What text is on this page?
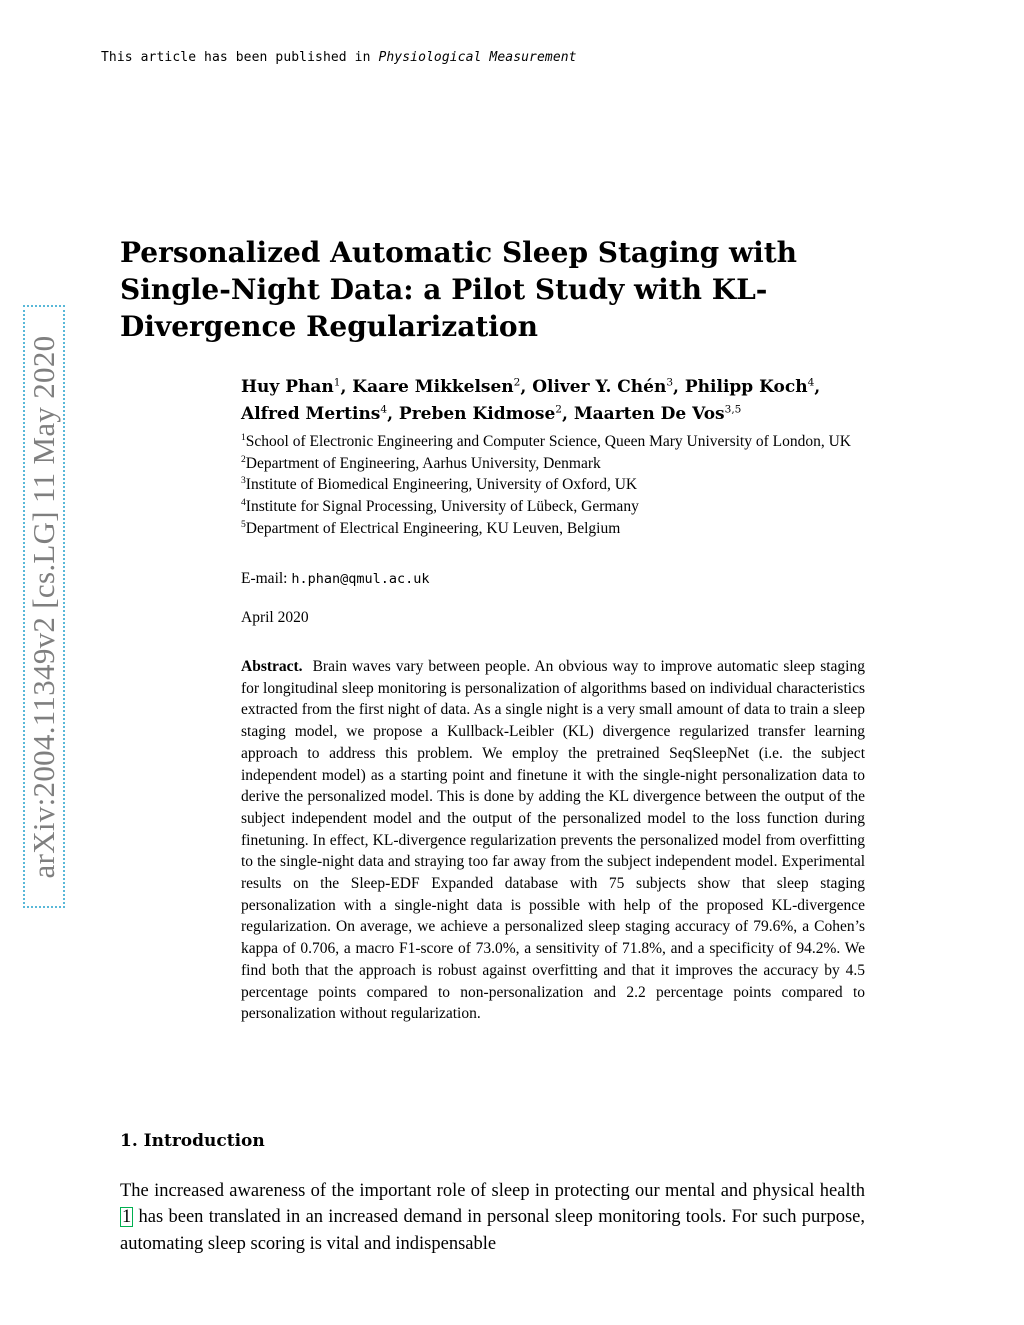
This article has been published in Physiological Measurement
arXiv:2004.11349v2 [cs.LG] 11 May 2020
Personalized Automatic Sleep Staging with Single-Night Data: a Pilot Study with KL-Divergence Regularization
Huy Phan$^1$, Kaare Mikkelsen$^2$, Oliver Y. Chén$^3$, Philipp Koch$^4$,
Alfred Mertins$^4$, Preben Kidmose$^2$, Maarten De Vos$^{3,5}$

$^1$School of Electronic Engineering and Computer Science, Queen Mary University of London, UK

$^2$Department of Engineering, Aarhus University, Denmark

$^3$Institute of Biomedical Engineering, University of Oxford, UK

$^4$Institute for Signal Processing, University of Lübeck, Germany

$^5$Department of Electrical Engineering, KU Leuven, Belgium

E-mail: h.phan@qmul.ac.uk
April 2020

Abstract. Brain waves vary between people. An obvious way to improve automatic sleep staging for longitudinal sleep monitoring is personalization of algorithms based on individual characteristics extracted from the first night of data. As a single night is a very small amount of data to train a sleep staging model, we propose a Kullback-Leibler (KL) divergence regularized transfer learning approach to address this problem. We employ the pretrained SeqSleepNet (i.e. the subject independent model) as a starting point and finetune it with the single-night personalization data to derive the personalized model. This is done by adding the KL divergence between the output of the subject independent model and the output of the personalized model to the loss function during finetuning. In effect, KL-divergence regularization prevents the personalized model from overfitting to the single-night data and straying too far away from the subject independent model. Experimental results on the Sleep-EDF Expanded database with 75 subjects show that sleep staging personalization with a single-night data is possible with help of the proposed KL-divergence regularization. On average, we achieve a personalized sleep staging accuracy of 79.6%, a Cohen’s kappa of 0.706, a macro F1-score of 73.0%, a sensitivity of 71.8%, and a specificity of 94.2%. We find both that the approach is robust against overfitting and that it improves the accuracy by 4.5 percentage points compared to non-personalization and 2.2 percentage points compared to personalization without regularization.

1. Introduction

The increased awareness of the important role of sleep in protecting our mental and physical health 1 has been translated in an increased demand in personal sleep monitoring tools. For such purpose, automating sleep scoring is vital and indispensable
